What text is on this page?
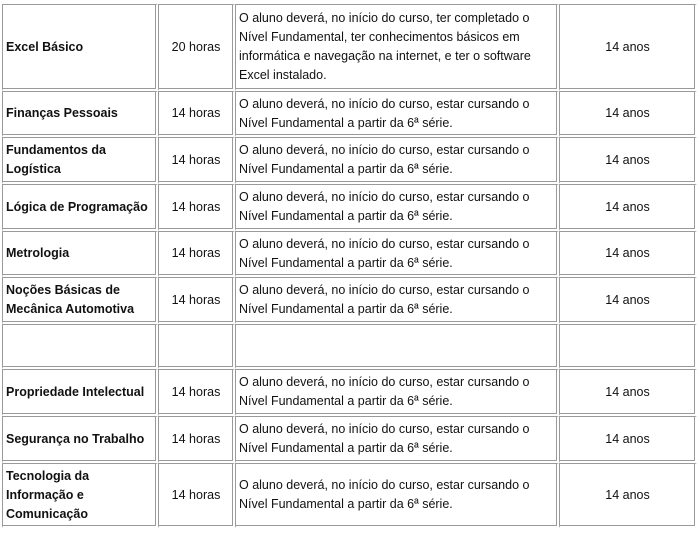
Excel Básico	20 horas	O aluno deverá, no início do curso, ter completado o Nível Fundamental, ter conhecimentos básicos em informática e navegação na internet, e ter o software Excel instalado.	14 anos
Finanças Pessoais	14 horas	O aluno deverá, no início do curso, estar cursando o Nível Fundamental a partir da 6ª série.	14 anos
Fundamentos da Logística	14 horas	O aluno deverá, no início do curso, estar cursando o Nível Fundamental a partir da 6ª série.	14 anos
Lógica de Programação	14 horas	O aluno deverá, no início do curso, estar cursando o Nível Fundamental a partir da 6ª série.	14 anos
Metrologia	14 horas	O aluno deverá, no início do curso, estar cursando o Nível Fundamental a partir da 6ª série.	14 anos
Noções Básicas de Mecânica Automotiva	14 horas	O aluno deverá, no início do curso, estar cursando o Nível Fundamental a partir da 6ª série.	14 anos

Propriedade Intelectual	14 horas	O aluno deverá, no início do curso, estar cursando o Nível Fundamental a partir da 6ª série.	14 anos
Segurança no Trabalho	14 horas	O aluno deverá, no início do curso, estar cursando o Nível Fundamental a partir da 6ª série.	14 anos
Tecnologia da Informação e Comunicação	14 horas	O aluno deverá, no início do curso, estar cursando o Nível Fundamental a partir da 6ª série.	14 anos
